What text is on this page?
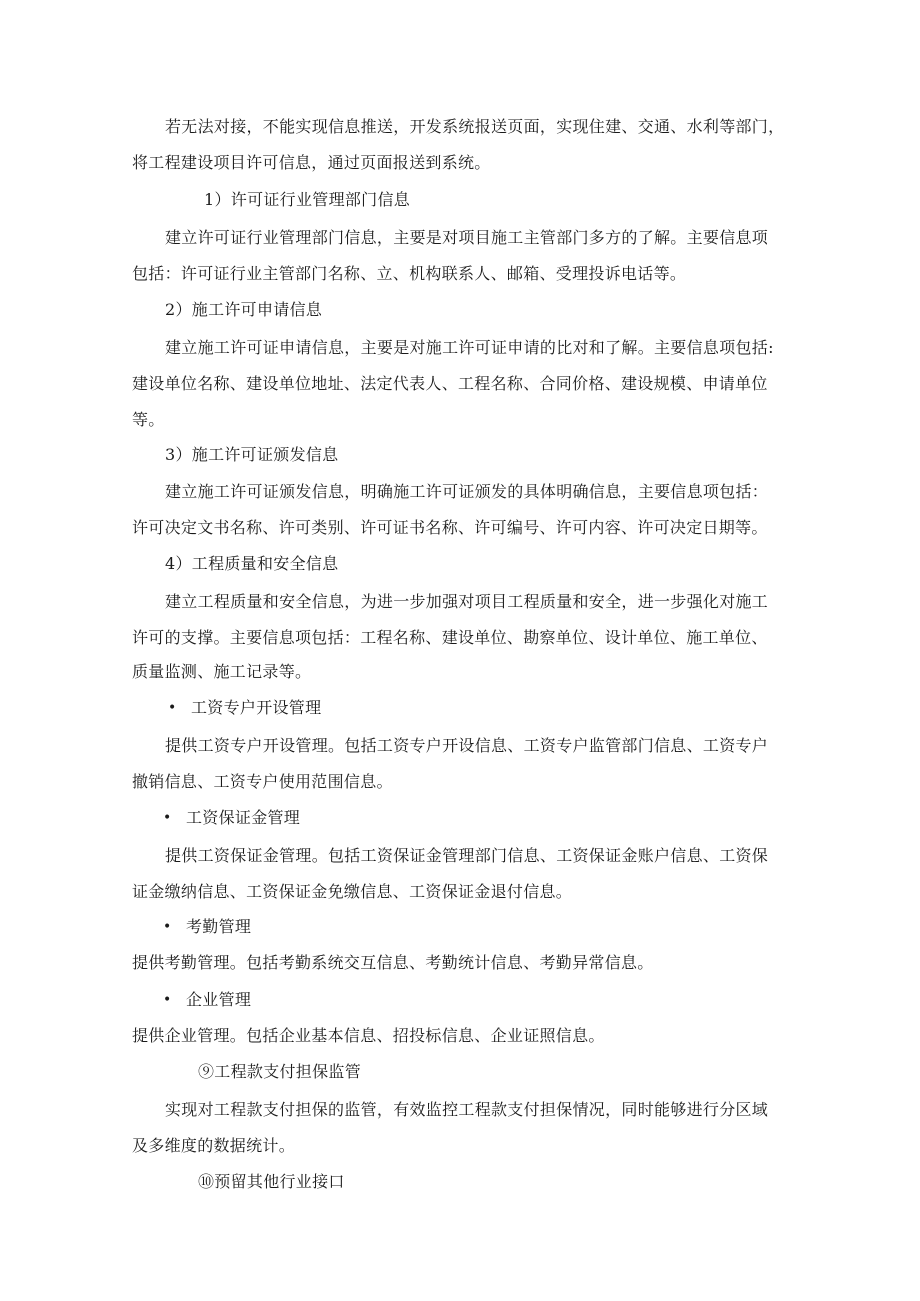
若无法对接，不能实现信息推送，开发系统报送页面，实现住建、交通、水利等部门，
将工程建设项目许可信息，通过页面报送到系统。
1）许可证行业管理部门信息
建立许可证行业管理部门信息，主要是对项目施工主管部门多方的了解。主要信息项
包括：许可证行业主管部门名称、立、机构联系人、邮箱、受理投诉电话等。
2）施工许可申请信息
建立施工许可证申请信息，主要是对施工许可证申请的比对和了解。主要信息项包括:
建设单位名称、建设单位地址、法定代表人、工程名称、合同价格、建设规模、申请单位
等。
3）施工许可证颁发信息
建立施工许可证颁发信息，明确施工许可证颁发的具体明确信息，主要信息项包括：
许可决定文书名称、许可类别、许可证书名称、许可编号、许可内容、许可决定日期等。
4）工程质量和安全信息
建立工程质量和安全信息，为进一步加强对项目工程质量和安全，进一步强化对施工
许可的支撑。主要信息项包括：工程名称、建设单位、勘察单位、设计单位、施工单位、
质量监测、施工记录等。
• 工资专户开设管理
提供工资专户开设管理。包括工资专户开设信息、工资专户监管部门信息、工资专户
撤销信息、工资专户使用范围信息。
• 工资保证金管理
提供工资保证金管理。包括工资保证金管理部门信息、工资保证金账户信息、工资保
证金缴纳信息、工资保证金免缴信息、工资保证金退付信息。
• 考勤管理
提供考勤管理。包括考勤系统交互信息、考勤统计信息、考勤异常信息。
• 企业管理
提供企业管理。包括企业基本信息、招投标信息、企业证照信息。
⑨工程款支付担保监管
实现对工程款支付担保的监管，有效监控工程款支付担保情况，同时能够进行分区域
及多维度的数据统计。
⑩预留其他行业接口
